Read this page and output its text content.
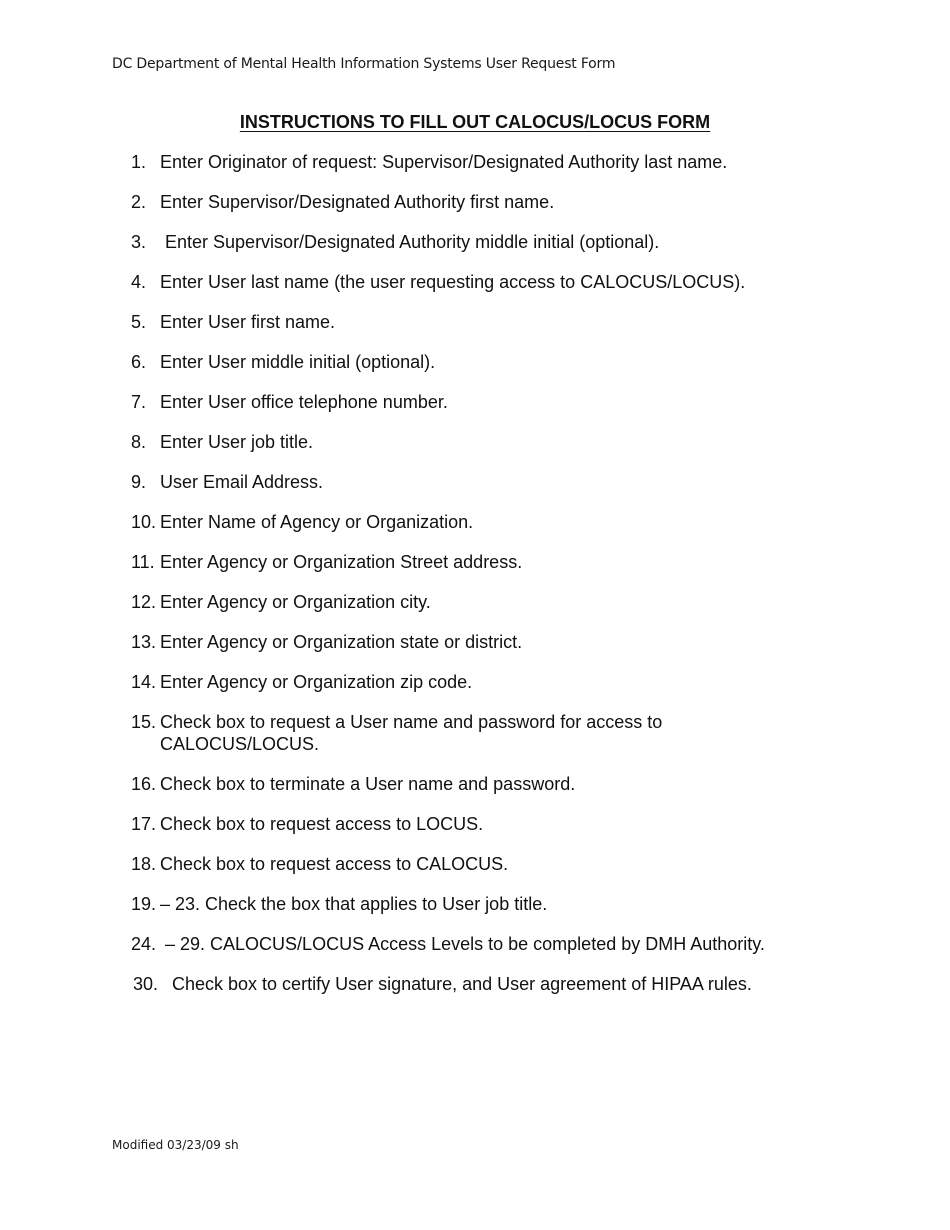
DC Department of Mental Health Information Systems User Request Form
INSTRUCTIONS TO FILL OUT CALOCUS/LOCUS FORM
1. Enter Originator of request: Supervisor/Designated Authority last name.
2. Enter Supervisor/Designated Authority first name.
3. Enter Supervisor/Designated Authority middle initial (optional).
4. Enter User last name (the user requesting access to CALOCUS/LOCUS).
5. Enter User first name.
6. Enter User middle initial (optional).
7. Enter User office telephone number.
8. Enter User job title.
9. User Email Address.
10. Enter Name of Agency or Organization.
11. Enter Agency or Organization Street address.
12. Enter Agency or Organization city.
13. Enter Agency or Organization state or district.
14. Enter Agency or Organization zip code.
15. Check box to request a User name and password for access to CALOCUS/LOCUS.
16. Check box to terminate a User name and password.
17. Check box to request access to LOCUS.
18. Check box to request access to CALOCUS.
19. – 23. Check the box that applies to User job title.
24. – 29. CALOCUS/LOCUS Access Levels to be completed by DMH Authority.
30. Check box to certify User signature, and User agreement of HIPAA rules.
Modified 03/23/09 sh
